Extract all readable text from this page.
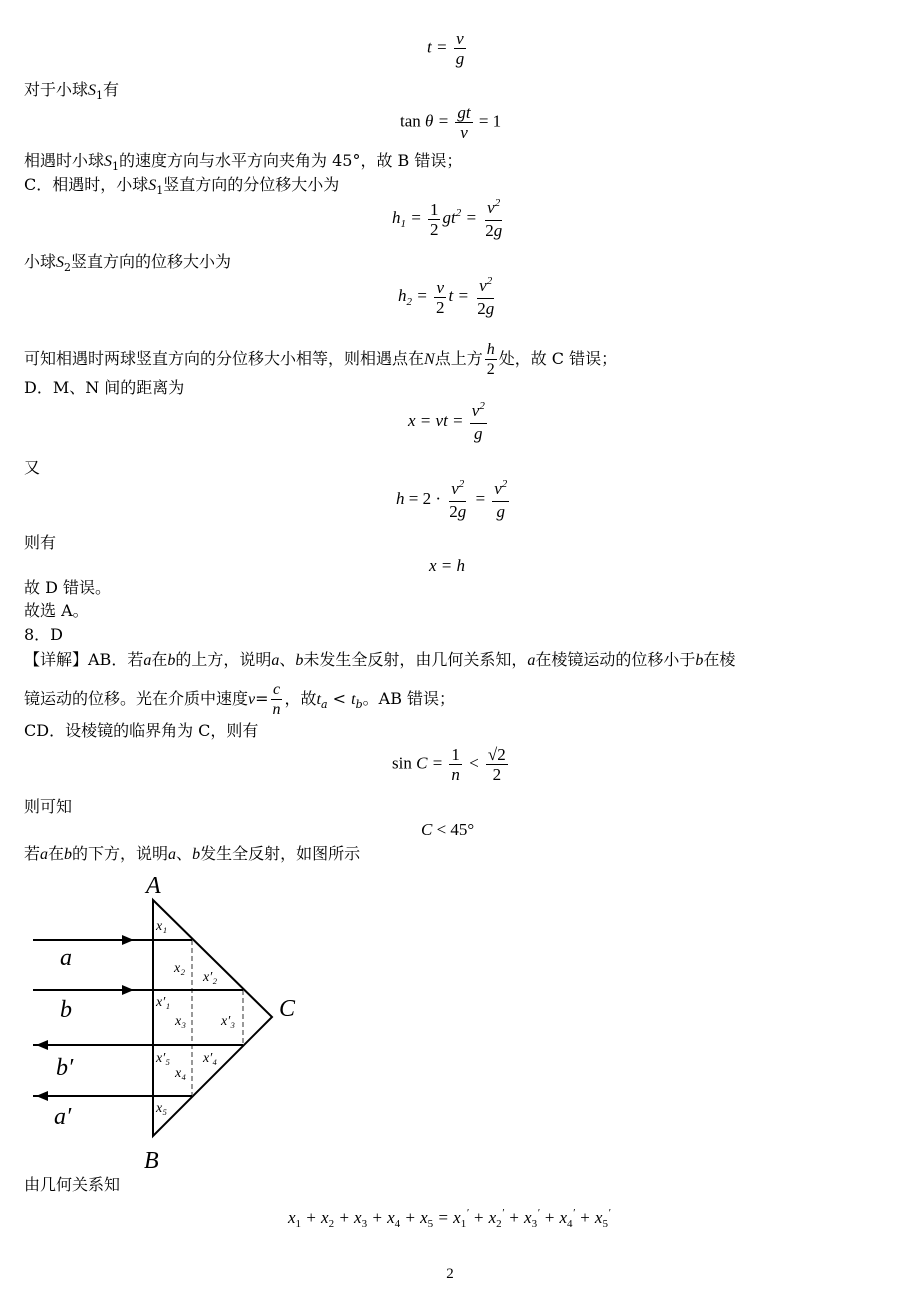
$t = \frac{v}{g}$
对于小球$S_1$有
$\tan \theta = \frac{gt}{v} = 1$
相遇时小球$S_1$的速度方向与水平方向夹角为 45°，故 B 错误；
C．相遇时，小球$S_1$竖直方向的分位移大小为
$h_1 = \frac{1}{2} gt^2 = \frac{v^2}{2g}$
小球$S_2$竖直方向的位移大小为
$h_2 = \frac{v}{2}$ $t = \frac{v^2}{2g}$
可知相遇时两球竖直方向的分位移大小相等，则相遇点在N点上方 $\frac{h}{2}$ 处，故 C 错误；
D．M、N 间的距离为
x = vt = $\frac{v^2}{g}$
又
$h = 2 \cdot \frac{v^2}{2g} = \frac{v^2}{g}$
则有
x = h
故 D 错误。
故选 A。
8．D
【详解】AB．若a在b的上方，说明a、b未发生全反射，由几何关系知，a在棱镜运动的位移小于b在棱
镜运动的位移。光在介质中速度$v= \frac{c}{n}$ ，故$t_a < t_b$。AB 错误；
CD．设棱镜的临界角为 C，则有
$\sin C = \frac{1}{n} < \frac{√2}{2}$
则可知
C < 45°
若a在b的下方，说明a、b发生全反射，如图所示
A
B
C
a
b
b′
a′
x₁
x₂
x′₂
x′₁
x₃ x′₃
x′₅ x′₄
x₄
x₅
由几何关系知
$x_1 + x_2 + x_3 + x_4 + x_5 = x_1' + x_2' + x_3' + x_4' + x_5'$
2
